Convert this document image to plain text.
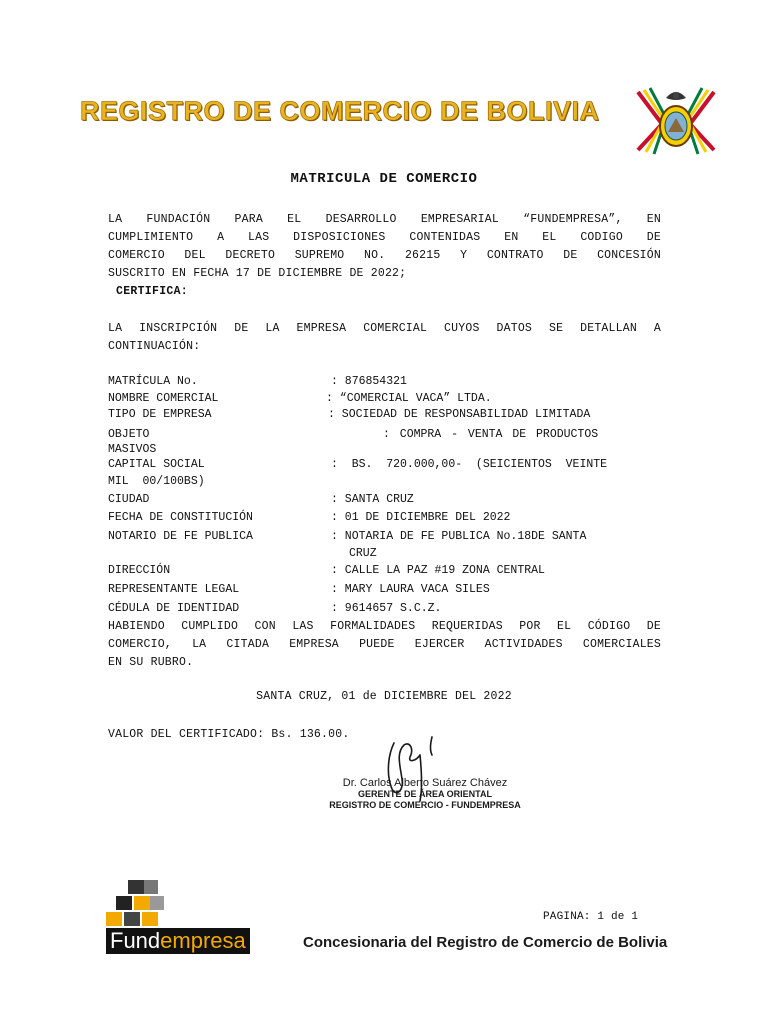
REGISTRO DE COMERCIO DE BOLIVIA
MATRICULA DE COMERCIO
LA FUNDACIÓN PARA EL DESARROLLO EMPRESARIAL “FUNDEMPRESA”, EN
CUMPLIMIENTO A LAS DISPOSICIONES CONTENIDAS EN EL CODIGO DE
COMERCIO DEL DECRETO SUPREMO NO. 26215 Y CONTRATO DE CONCESIÓN
SUSCRITO EN FECHA 17 DE DICIEMBRE DE 2022;
CERTIFICA:
LA INSCRIPCIÓN DE LA EMPRESA COMERCIAL CUYOS DATOS SE DETALLAN A
CONTINUACIÓN:
MATRÍCULA No.	: 876854321
NOMBRE COMERCIAL	: “COMERCIAL VACA” LTDA.
TIPO DE EMPRESA	: SOCIEDAD DE RESPONSABILIDAD LIMITADA
OBJETO	: COMPRA - VENTA DE PRODUCTOS
MASIVOS
CAPITAL SOCIAL	:  BS.  720.000,00-  (SEICIENTOS  VEINTE
MIL  00/100BS)
CIUDAD	: SANTA CRUZ
FECHA DE CONSTITUCIÓN	: 01 DE DICIEMBRE DEL 2022
NOTARIO DE FE PUBLICA	: NOTARIA DE FE PUBLICA No.18DE SANTA
CRUZ
DIRECCIÓN	: CALLE LA PAZ #19 ZONA CENTRAL
REPRESENTANTE LEGAL	: MARY LAURA VACA SILES
CÉDULA DE IDENTIDAD	: 9614657 S.C.Z.
HABIENDO CUMPLIDO CON LAS FORMALIDADES REQUERIDAS POR EL CÓDIGO DE
COMERCIO, LA CITADA EMPRESA PUEDE EJERCER ACTIVIDADES COMERCIALES
EN SU RUBRO.
SANTA CRUZ, 01 de DICIEMBRE DEL 2022
VALOR DEL CERTIFICADO: Bs. 136.00.
Dr. Carlos Alberto Suárez Chávez
GERENTE DE ÁREA ORIENTAL
REGISTRO DE COMERCIO - FUNDEMPRESA
PAGINA: 1 de 1
Fundempresa	Concesionaria del Registro de Comercio de Bolivia
